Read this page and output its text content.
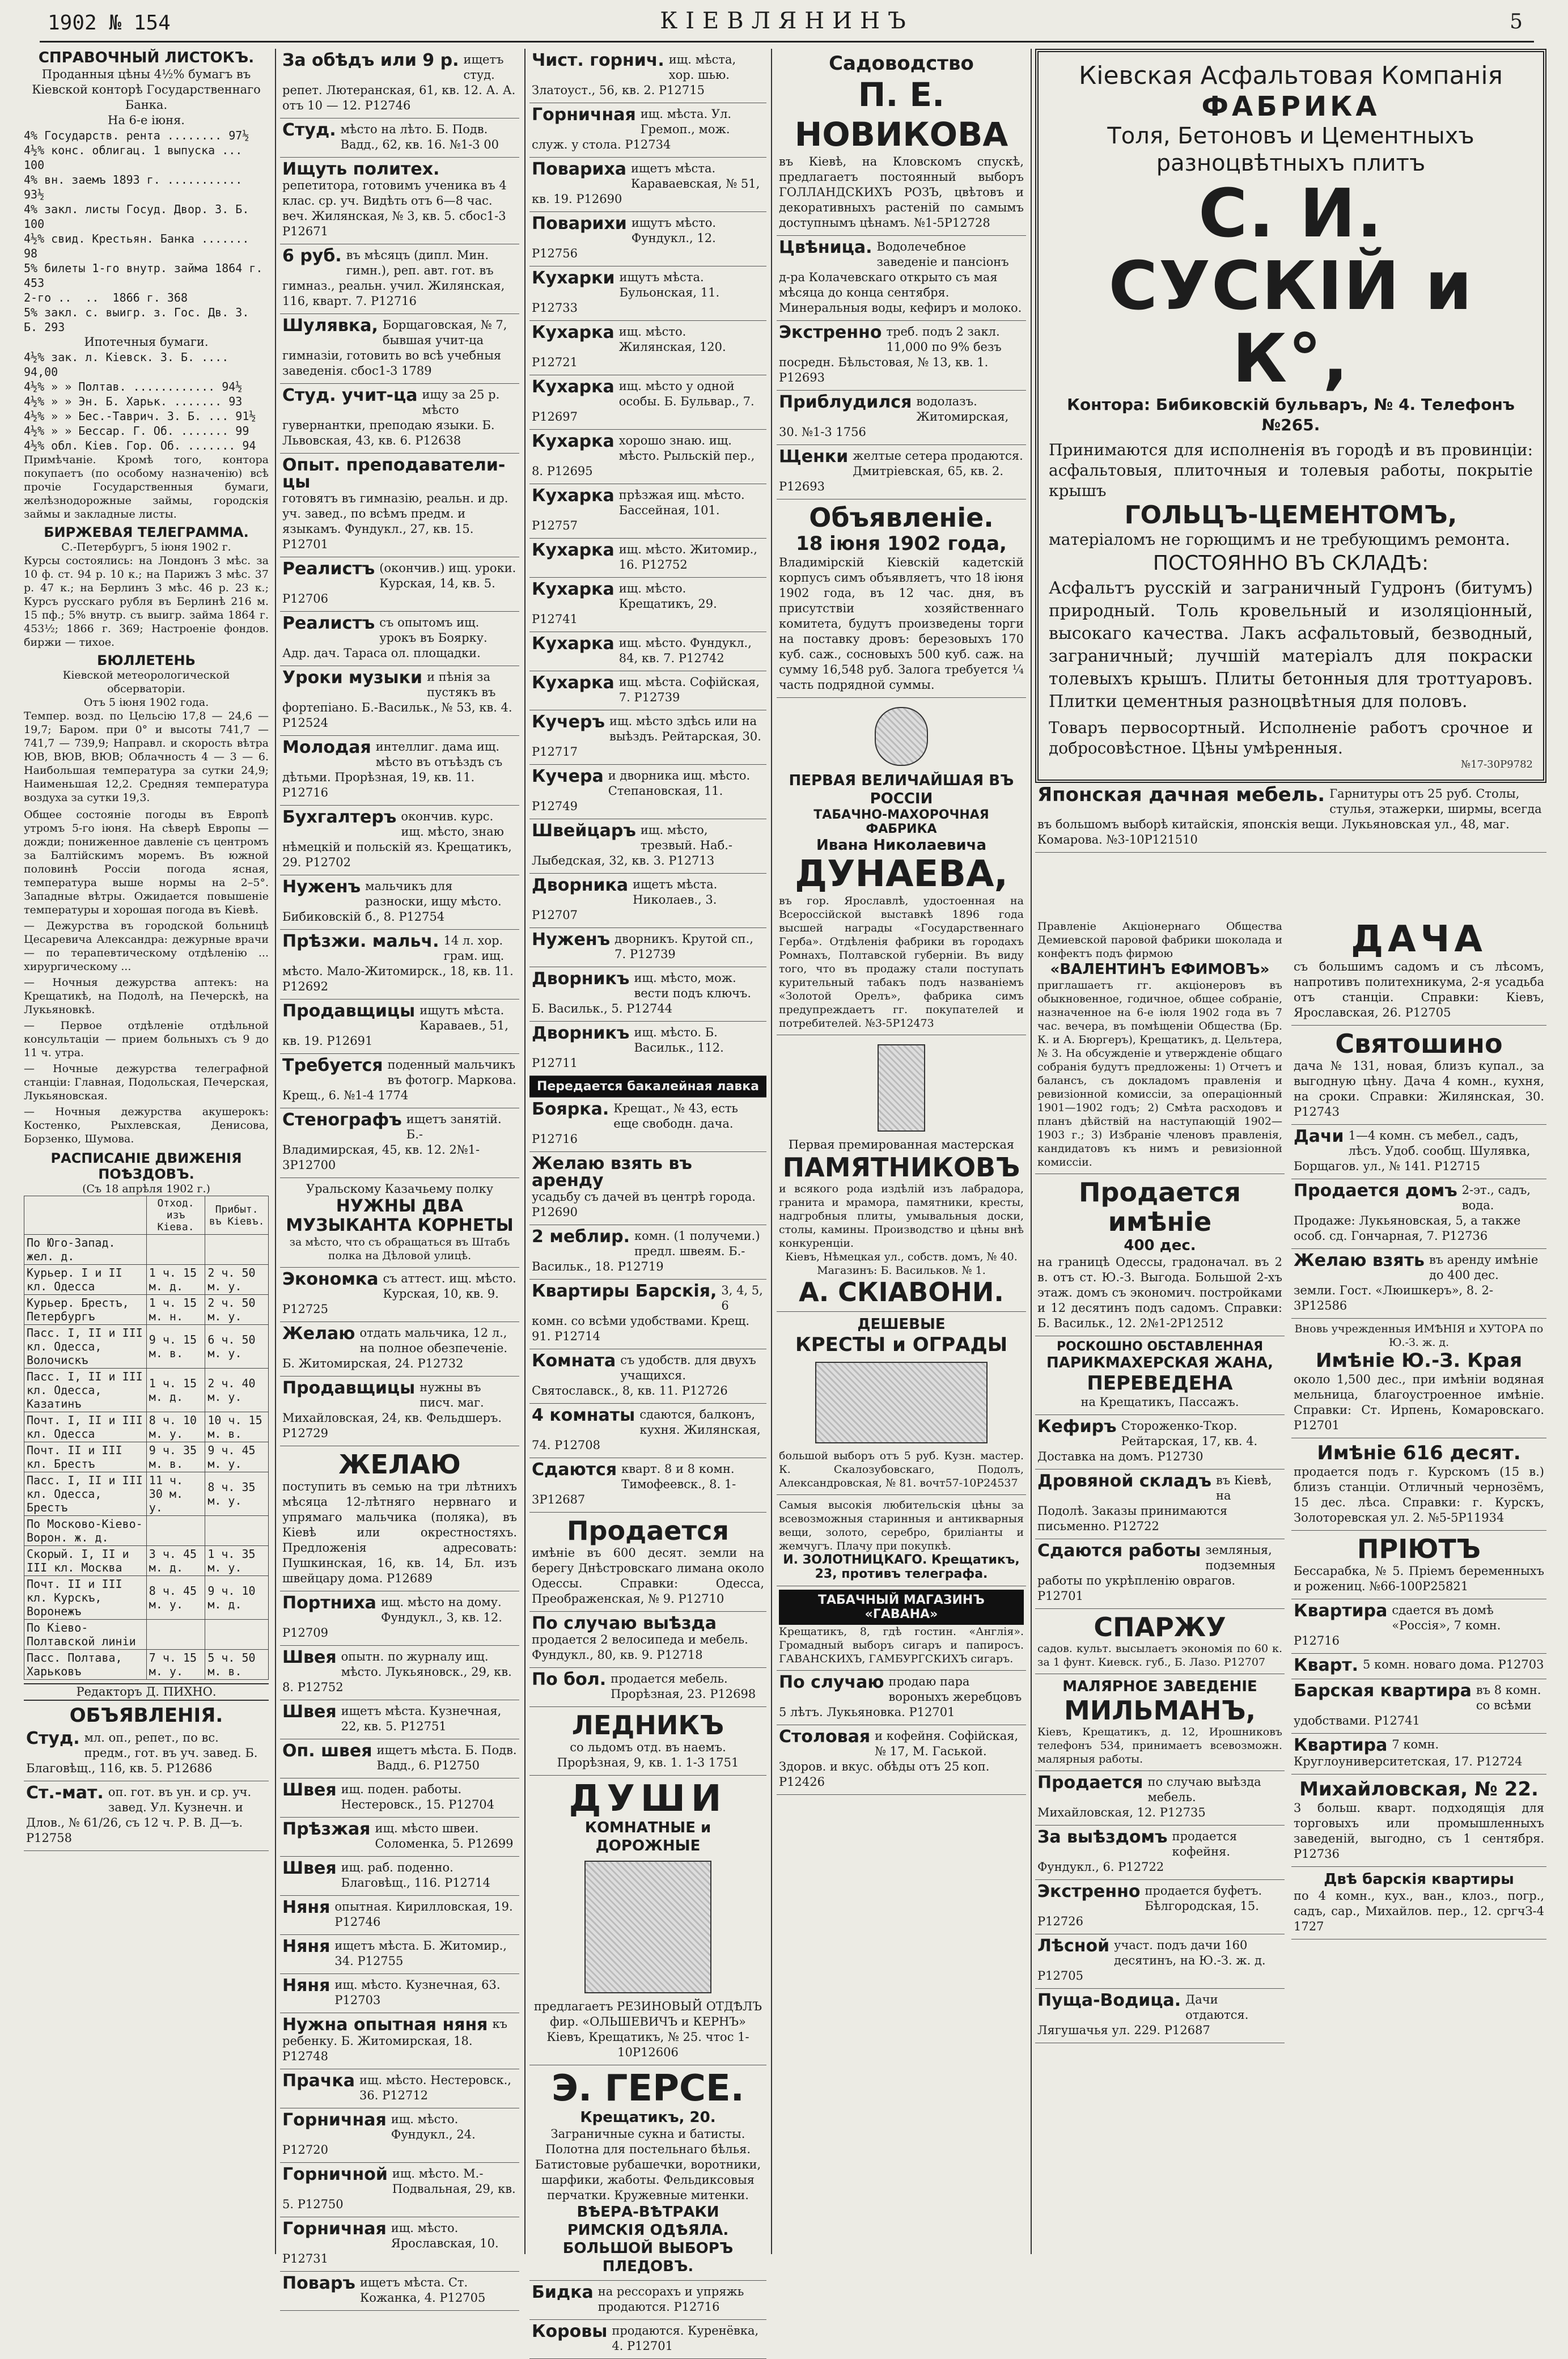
1902 № 154	КІЕВЛЯНИНЪ	5
СПРАВОЧНЫЙ ЛИСТОКЪ.
Проданныя цѣны 4½% бумагъ въ Кіевской конторѣ Государственнаго Банка.
На 6-е іюня.
4% Государств. рента ........ 97½
4½% конс. облигац. 1 выпуска ... 100
4% вн. заемъ 1893 г. ........... 93½
4% закл. листы Госуд. Двор. З. Б. 100
4½% свид. Крестьян. Банка ....... 98
5% билеты 1-го внутр. займа 1864 г. 453
2-го ..  ..  1866 г. 368
5% закл. с. выигр. з. Гос. Дв. З. Б. 293
Ипотечныя бумаги.
4½% зак. л. Кіевск. З. Б. .... 94,00
4½% » » Полтав. ............ 94½
4½% » » Эн. Б. Харьк. ....... 93
4½% » » Бес.-Таврич. З. Б. ... 91½
4½% » » Бессар. Г. Об. ....... 99
4½% обл. Кіев. Гор. Об. ....... 94
Примѣчаніе. Кромѣ того, контора покупаетъ (по особому назначенію) всѣ прочіе Государственныя бумаги, желѣзнодорожные займы, городскія займы и закладные листы.
БИРЖЕВАЯ ТЕЛЕГРАММА.
С.-Петербургъ, 5 іюня 1902 г.
Курсы состоялись: на Лондонъ 3 мѣс. за 10 ф. ст. 94 р. 10 к.; на Парижъ 3 мѣс. 37 р. 47 к.; на Берлинъ 3 мѣс. 46 р. 23 к.; Курсъ русскаго рубля въ Берлинѣ 216 м. 15 пф.; 5% внутр. съ выигр. займа 1864 г. 453½; 1866 г. 369; Настроеніе фондов. биржи — тихое.
БЮЛЛЕТЕНЬ
Кіевской метеорологической обсерваторіи.
Отъ 5 іюня 1902 года.
Темпер. возд. по Цельсію 17,8 — 24,6 — 19,7; Баром. при 0° и высоты 741,7 — 741,7 — 739,9; Направл. и скорость вѣтра ЮВ, ВЮВ, ВЮВ; Облачность 4 — 3 — 6. Наибольшая температура за сутки 24,9; Наименьшая 12,2. Средняя температура воздуха за сутки 19,3.
Общее состояніе погоды въ Европѣ утромъ 5-го іюня. На сѣверѣ Европы — дожди; пониженное давленіе съ центромъ за Балтійскимъ моремъ. Въ южной половинѣ Россіи погода ясная, температура выше нормы на 2–5°. Западные вѣтры. Ожидается повышеніе температуры и хорошая погода въ Кіевѣ.
— Дежурства въ городской больницѣ Цесаревича Александра: дежурные врачи — по терапевтическому отдѣленію ... хирургическому ...
— Ночныя дежурства аптекъ: на Крещатикѣ, на Подолѣ, на Печерскѣ, на Лукьяновкѣ.
— Первое отдѣленіе отдѣльной консультаціи — прием больныхъ съ 9 до 11 ч. утра.
— Ночные дежурства телеграфной станціи: Главная, Подольская, Печерская, Лукьяновская.
— Ночныя дежурства акушерокъ: Костенко, Рыхлевская, Денисова, Борзенко, Шумова.
РАСПИСАНІЕ ДВИЖЕНІЯ ПОѢЗДОВЪ.
(Съ 18 апрѣля 1902 г.)
	Отход. изъ Кіева.	Прибыт. въ Кіевъ.
По Юго-Запад. жел. д.		
Курьер. I и II кл. Одесса	1 ч. 15 м. д.	2 ч. 50 м. у.
Курьер. Брестъ, Петербургъ	1 ч. 15 м. н.	2 ч. 50 м. у.
Пасс. I, II и III кл. Одесса, Волочискъ	9 ч. 15 м. в.	6 ч. 50 м. у.
Пасс. I, II и III кл. Одесса, Казатинъ	1 ч. 15 м. д.	2 ч. 40 м. у.
Почт. I, II и III кл. Одесса	8 ч. 10 м. у.	10 ч. 15 м. в.
Почт. II и III кл. Брестъ	9 ч. 35 м. в.	9 ч. 45 м. у.
Пасс. I, II и III кл. Одесса, Брестъ	11 ч. 30 м. у.	8 ч. 35 м. у.
По Москово-Кіево-Ворон. ж. д.		
Скорый. I, II и III кл. Москва	3 ч. 45 м. д.	1 ч. 35 м. у.
Почт. II и III кл. Курскъ, Воронежъ	8 ч. 45 м. у.	9 ч. 10 м. д.
По Кіево-Полтавской линіи		
Пасс. Полтава, Харьковъ	7 ч. 15 м. у.	5 ч. 50 м. в.
Редакторъ Д. ПИХНО.
ОБЪЯВЛЕНІЯ.
Студ. мл. оп., репет., по вс. предм., гот. въ уч. завед. Б. Благовѣщ., 116, кв. 5. Р12686
Ст.-мат. оп. гот. въ ун. и ср. уч. завед. Ул. Кузнечн. и Длов., № 61/26, съ 12 ч. Р. В. Д—ъ. Р12758
За обѣдъ или 9 р. ищетъ студ. репет. Лютеранская, 61, кв. 12. А. А. отъ 10 — 12. Р12746
Студ. мѣсто на лѣто. Б. Подв. Вадд., 62, кв. 16. №1-3 00
Ищуть политех.
репетитора, готовимъ ученика въ 4 клас. ср. уч. Видѣть отъ 6—8 час. веч. Жилянская, № 3, кв. 5. сбос1-3 Р12671
6 руб. въ мѣсяцъ (дипл. Мин. гимн.), реп. авт. гот. въ гимназ., реальн. учил. Жилянская, 116, кварт. 7. Р12716
Шулявка, Борщаговская, № 7, бывшая учит-ца гимназіи, готовить во всѣ учебныя заведенія. сбос1-3 1789
Студ. учит-ца ищу за 25 р. мѣсто гувернантки, преподаю языки. Б. Львовская, 43, кв. 6. Р12638
Опыт. преподаватели-цы
готовятъ въ гимназію, реальн. и др. уч. завед., по всѣмъ предм. и языкамъ. Фундукл., 27, кв. 15. Р12701
Реалистъ (окончив.) ищ. уроки. Курская, 14, кв. 5. Р12706
Реалистъ съ опытомъ ищ. урокъ въ Боярку. Адр. дач. Тараса ол. площадки.
Уроки музыки и пѣнія за пустякъ въ фортепіано. Б.-Васильк., № 53, кв. 4. Р12524
Молодая интеллиг. дама ищ. мѣсто въ отъѣздъ съ дѣтьми. Прорѣзная, 19, кв. 11. Р12716
Бухгалтеръ окончив. курс. ищ. мѣсто, знаю нѣмецкій и польскій яз. Крещатикъ, 29. Р12702
Нуженъ мальчикъ для разноски, ищу мѣсто. Бибиковскій б., 8. Р12754
Прѣзжи. мальч. 14 л. хор. грам. ищ. мѣсто. Мало-Житомирск., 18, кв. 11. Р12692
Продавщицы ищутъ мѣста. Караваев., 51, кв. 19. Р12691
Требуется поденный мальчикъ въ фотогр. Маркова. Крещ., 6. №1-4 1774
Стенографъ ищетъ занятій. Б.-Владимирская, 45, кв. 12. 2№1-3Р12700
Уральскому Казачьему полку
НУЖНЫ ДВА МУЗЫКАНТА КОРНЕТЫ
за мѣсто, что съ обращаться въ Штабъ полка на Дѣловой улицѣ.
Экономка съ аттест. ищ. мѣсто. Курская, 10, кв. 9. Р12725
Желаю отдать мальчика, 12 л., на полное обезпеченіе. Б. Житомирская, 24. Р12732
Продавщицы нужны въ писч. маг. Михайловская, 24, кв. Фельдшеръ. Р12729
ЖЕЛАЮ
поступить въ семью на три лѣтнихъ мѣсяца 12-лѣтняго нервнаго и упрямаго мальчика (поляка), въ Кіевѣ или окрестностяхъ. Предложенія адресовать: Пушкинская, 16, кв. 14, Бл. изъ швейцару дома. Р12689
Портниха ищ. мѣсто на дому. Фундукл., 3, кв. 12. Р12709
Швея опытн. по журналу ищ. мѣсто. Лукьяновск., 29, кв. 8. Р12752
Швея ищетъ мѣста. Кузнечная, 22, кв. 5. Р12751
Оп. швея ищетъ мѣста. Б. Подв. Вадд., 6. Р12750
Швея ищ. поден. работы. Нестеровск., 15. Р12704
Прѣзжая ищ. мѣсто швеи. Соломенка, 5. Р12699
Швея ищ. раб. поденно. Благовѣщ., 116. Р12714
Няня опытная. Кирилловская, 19. Р12746
Няня ищетъ мѣста. Б. Житомир., 34. Р12755
Няня ищ. мѣсто. Кузнечная, 63. Р12703
Нужна опытная няня къ ребенку. Б. Житомирская, 18. Р12748
Прачка ищ. мѣсто. Нестеровск., 36. Р12712
Горничная ищ. мѣсто. Фундукл., 24. Р12720
Горничной ищ. мѣсто. М.-Подвальная, 29, кв. 5. Р12750
Горничная ищ. мѣсто. Ярославская, 10. Р12731
Поваръ ищетъ мѣста. Ст. Кожанка, 4. Р12705
Чист. горнич. ищ. мѣста, хор. шью. Златоуст., 56, кв. 2. Р12715
Горничная ищ. мѣста. Ул. Гремоп., мож. служ. у стола. Р12734
Повариха ищетъ мѣста. Караваевская, № 51, кв. 19. Р12690
Поварихи ищутъ мѣсто. Фундукл., 12. Р12756
Кухарки ищутъ мѣста. Бульонская, 11. Р12733
Кухарка ищ. мѣсто. Жилянская, 120. Р12721
Кухарка ищ. мѣсто у одной особы. Б. Бульвар., 7. Р12697
Кухарка хорошо знаю. ищ. мѣсто. Рыльскій пер., 8. Р12695
Кухарка прѣзжая ищ. мѣсто. Бассейная, 101. Р12757
Кухарка ищ. мѣсто. Житомир., 16. Р12752
Кухарка ищ. мѣсто. Крещатикъ, 29. Р12741
Кухарка ищ. мѣсто. Фундукл., 84, кв. 7. Р12742
Кухарка ищ. мѣста. Софійская, 7. Р12739
Кучеръ ищ. мѣсто здѣсь или на выѣздъ. Рейтарская, 30. Р12717
Кучера и дворника ищ. мѣсто. Степановская, 11. Р12749
Швейцаръ ищ. мѣсто, трезвый. Наб.-Лыбедская, 32, кв. 3. Р12713
Дворника ищетъ мѣста. Николаев., 3. Р12707
Нуженъ дворникъ. Крутой сп., 7. Р12739
Дворникъ ищ. мѣсто, мож. вести подъ ключъ. Б. Васильк., 5. Р12744
Дворникъ ищ. мѣсто. Б. Васильк., 112. Р12711
Передается бакалейная лавка
Боярка. Крещат., № 43, есть еще свободн. дача. Р12716
Желаю взять въ аренду
усадьбу съ дачей въ центрѣ города. Р12690
2 меблир. комн. (1 получеми.) предл. швеям. Б.-Васильк., 18. Р12719
Квартиры Барскія, 3, 4, 5, 6 комн. со всѣми удобствами. Крещ. 91. Р12714
Комната съ удобств. для двухъ учащихся. Святославск., 8, кв. 11. Р12726
4 комнаты сдаются, балконъ, кухня. Жилянская, 74. Р12708
Сдаются кварт. 8 и 8 комн. Тимофеевск., 8. 1-3Р12687
Продается
имѣніе въ 600 десят. земли на берегу Днѣстровскаго лимана около Одессы. Справки: Одесса, Преображенская, № 9. Р12710
По случаю выѣзда
продается 2 велосипеда и мебель. Фундукл., 80, кв. 9. Р12718
По бол. продается мебель. Прорѣзная, 23. Р12698
ЛЕДНИКЪ
со льдомъ отд. въ наемъ. Прорѣзная, 9, кв. 1. 1-3 1751
ДУШИ
КОМНАТНЫЕ и ДОРОЖНЫЕ
предлагаетъ РЕЗИНОВЫЙ ОТДѢЛЪ фир. «ОЛЬШЕВИЧЪ и КЕРНЪ» Кіевъ, Крещатикъ, № 25. чтос 1-10Р12606
Э. ГЕРСЕ.
Крещатикъ, 20.
Заграничные сукна и батисты. Полотна для постельнаго бѣлья. Батистовые рубашечки, воротники, шарфики, жаботы. Фельдиксовыя перчатки. Кружевные митенки.
ВѢЕРА-ВѢТРАКИ
РИМСКІЯ ОДѢЯЛА.
БОЛЬШОЙ ВЫБОРЪ ПЛЕДОВЪ.
Бидка на рессорахъ и упряжь продаются. Р12716
Коровы продаются. Куренёвка, 4. Р12701
Садоводство
П. Е. НОВИКОВА
въ Кіевѣ, на Кловскомъ спускѣ, предлагаетъ постоянный выборъ ГОЛЛАНДСКИХЪ РОЗЪ, цвѣтовъ и декоративныхъ растеній по самымъ доступнымъ цѣнамъ. №1-5Р12728
Цвѣница. Водолечебное заведеніе и пансіонъ д-ра Колачевскаго открыто съ мая мѣсяца до конца сентября. Минеральныя воды, кефиръ и молоко.
Экстренно треб. подъ 2 закл. 11,000 по 9% безъ посредн. Бѣльстовая, № 13, кв. 1. Р12693
Приблудился водолазъ. Житомирская, 30. №1-3 1756
Щенки желтые сетера продаются. Дмитріевская, 65, кв. 2. Р12693
Объявленіе.
18 іюня 1902 года,
Владимірскій Кіевскій кадетскій корпусъ симъ объявляетъ, что 18 іюня 1902 года, въ 12 час. дня, въ присутствіи хозяйственнаго комитета, будутъ произведены торги на поставку дровъ: березовыхъ 170 куб. саж., сосновыхъ 500 куб. саж. на сумму 16,548 руб. Залога требуется ¼ часть подрядной суммы.
ПЕРВАЯ ВЕЛИЧАЙШАЯ ВЪ РОССІИ
ТАБАЧНО-МАХОРОЧНАЯ ФАБРИКА
Ивана Николаевича
ДУНАЕВА,
въ гор. Ярославлѣ, удостоенная на Всероссійской выставкѣ 1896 года высшей награды «Государственнаго Герба». Отдѣленія фабрики въ городахъ Ромнахъ, Полтавской губерніи. Въ виду того, что въ продажу стали поступать курительный табакъ подъ названіемъ «Золотой Орелъ», фабрика симъ предупреждаетъ гг. покупателей и потребителей. №3-5Р12473
Первая премированная мастерская
ПАМЯТНИКОВЪ
и всякого рода издѣлій изъ лабрадора, гранита и мрамора, памятники, кресты, надгробныя плиты, умывальныя доски, столы, камины. Производство и цѣны внѣ конкуренціи.
Кіевъ, Нѣмецкая ул., собств. домъ, № 40. Магазинъ: Б. Васильков. № 1.
А. СКІАВОНИ.
ДЕШЕВЫЕ
КРЕСТЫ и ОГРАДЫ
большой выборъ отъ 5 руб. Кузн. мастер. К. Скалозубовскаго, Подолъ, Александровская, № 81. вочт57-10Р24537
Самыя высокія любительскія цѣны за всевозможныя старинныя и антикварныя вещи, золото, серебро, бриліанты и жемчугъ. Плачу при покупкѣ.
И. ЗОЛОТНИЦКАГО. Крещатикъ, 23, противъ телеграфа.
ТАБАЧНЫЙ МАГАЗИНЪ «ГАВАНА»
Крещатикъ, 8, гдѣ гостин. «Англія». Громадный выборъ сигаръ и папиросъ. ГАВАНСКИХЪ, ГАМБУРГСКИХЪ сигаръ.
По случаю продаю пара вороныхъ жеребцовъ 5 лѣтъ. Лукьяновка. Р12701
Столовая и кофейня. Софійская, № 17, М. Гаськой. Здоров. и вкус. обѣды отъ 25 коп. Р12426
Кіевская Асфальтовая Компанія
ФАБРИКА
Толя, Бетоновъ и Цементныхъ разноцвѣтныхъ плитъ
С. И. СУСКІЙ и К°,
Контора: Бибиковскій бульваръ, № 4. Телефонъ №265.
Принимаются для исполненія въ городѣ и въ провинціи: асфальтовыя, плиточныя и толевыя работы, покрытіе крышъ
ГОЛЬЦЪ-ЦЕМЕНТОМЪ,
матеріаломъ не горющимъ и не требующимъ ремонта.
ПОСТОЯННО ВЪ СКЛАДѢ:
Асфальтъ русскій и заграничный Гудронъ (битумъ) природный. Толь кровельный и изоляціонный, высокаго качества. Лакъ асфальтовый, безводный, заграничный; лучшій матеріалъ для покраски толевыхъ крышъ. Плиты бетонныя для троттуаровъ. Плитки цементныя разноцвѣтныя для половъ.
Товаръ первосортный. Исполненіе работъ срочное и добросовѣстное. Цѣны умѣренныя.
№17-30Р9782
Японская дачная мебель. Гарнитуры отъ 25 руб. Столы, стулья, этажерки, ширмы, всегда въ большомъ выборѣ китайскія, японскія вещи. Лукьяновская ул., 48, маг. Комарова. №3-10Р121510
Правленіе Акціонернаго Общества Демиевской паровой фабрики шоколада и конфектъ подъ фирмою
«ВАЛЕНТИНЪ ЕФИМОВЪ»
приглашаетъ гг. акціонеровъ въ обыкновенное, годичное, общее собраніе, назначенное на 6-е іюля 1902 года въ 7 час. вечера, въ помѣщеніи Общества (Бр. К. и А. Бюргеръ), Крещатикъ, д. Цельтера, № 3. На обсужденіе и утвержденіе общаго собранія будутъ предложены: 1) Отчетъ и балансъ, съ докладомъ правленія и ревизіонной комиссіи, за операціонный 1901—1902 годъ; 2) Смѣта расходовъ и планъ дѣйствій на наступающій 1902—1903 г.; 3) Избраніе членовъ правленія, кандидатовъ къ нимъ и ревизіонной комиссіи.
Продается имѣніе
400 дес.
на границѣ Одессы, градоначал. въ 2 в. отъ ст. Ю.-З. Выгода. Большой 2-хъ этаж. домъ съ экономич. постройками и 12 десятинъ подъ садомъ. Справки: Б. Васильк., 12. 2№1-2Р12512
РОСКОШНО ОБСТАВЛЕННАЯ
ПАРИКМАХЕРСКАЯ ЖАНА,
ПЕРЕВЕДЕНА
на Крещатикъ, Пассажъ.
Кефиръ Стороженко-Ткор. Рейтарская, 17, кв. 4. Доставка на домъ. Р12730
Дровяной складъ въ Кіевѣ, на Подолѣ. Заказы принимаются письменно. Р12722
Сдаются работы земляныя, подземныя работы по укрѣпленію оврагов. Р12701
СПАРЖУ
садов. культ. высылаетъ экономія по 60 к. за 1 фунт. Киевск. губ., Б. Лазо. Р12707
МАЛЯРНОЕ ЗАВЕДЕНІЕ
МИЛЬМАНЪ,
Кіевъ, Крещатикъ, д. 12, Ирошниковъ телефонъ 534, принимаетъ всевозможн. малярныя работы.
Продается по случаю выѣзда мебель. Михайловская, 12. Р12735
За выѣздомъ продается кофейня. Фундукл., 6. Р12722
Экстренно продается буфетъ. Бѣлгородская, 15. Р12726
Лѣсной участ. подъ дачи 160 десятинъ, на Ю.-З. ж. д. Р12705
Пуща-Водица. Дачи отдаются. Лягушачья ул. 229. Р12687
ДАЧА
съ большимъ садомъ и съ лѣсомъ, напротивъ политехникума, 2-я усадьба отъ станціи. Справки: Кіевъ, Ярославская, 26. Р12705
Святошино
дача № 131, новая, близъ купал., за выгодную цѣну. Дача 4 комн., кухня, на сроки. Справки: Жилянская, 30. Р12743
Дачи 1—4 комн. съ мебел., садъ, лѣсъ. Удоб. сообщ. Шулявка, Борщагов. ул., № 141. Р12715
Продается домъ 2-эт., садъ, вода. Продаже: Лукьяновская, 5, а также особ. сд. Гончарная, 7. Р12736
Желаю взять въ аренду имѣніе до 400 дес. земли. Гост. «Люишкеръ», 8. 2-3Р12586
Вновь учрежденныя ИМѢНІЯ и ХУТОРА по Ю.-З. ж. д.
Имѣніе Ю.-З. Края
около 1,500 дес., при имѣніи водяная мельница, благоустроенное имѣніе. Справки: Ст. Ирпень, Комаровскаго. Р12701
Имѣніе 616 десят.
продается подъ г. Курскомъ (15 в.) близъ станціи. Отличный чернозёмъ, 15 дес. лѣса. Справки: г. Курскъ, Золоторевская ул. 2. №5-5Р11934
ПРІЮТЪ
Бессарабка, № 5. Пріемъ беременныхъ и рожениц. №66-100Р25821
Квартира сдается въ домѣ «Россія», 7 комн. Р12716
Кварт. 5 комн. новаго дома. Р12703
Барская квартира въ 8 комн. со всѣми удобствами. Р12741
Квартира 7 комн. Круглоуниверситетская, 17. Р12724
Михайловская, № 22.
3 больш. кварт. подходящія для торговыхъ или промышленныхъ заведеній, выгодно, съ 1 сентября. Р12736
Двѣ барскія квартиры
по 4 комн., кух., ван., клоз., погр., садъ, сар., Михайлов. пер., 12. сргчЗ-4 1727
